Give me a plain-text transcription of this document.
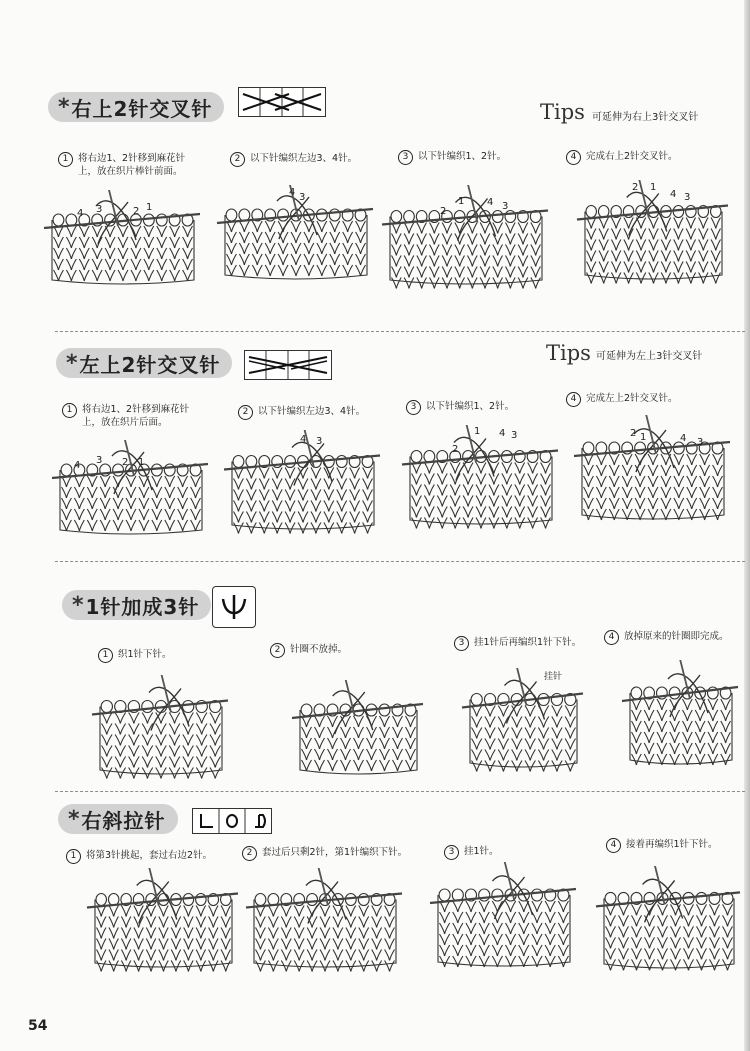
* 右上2针交叉针	Tips 可延伸为右上3针交叉针
1	将右边1、2针移到麻花针
上，放在织片棒针前面。
2	以下针编织左边3、4针。	3	以下针编织1、2针。	4	完成右上2针交叉针。
4 3	2 1
4 3
2
1 4 3
2 1
4 3
* 左上2针交叉针	Tips 可延伸为左上3针交叉针
1	将右边1、2针移到麻花针
上，放在织片后面。
2	以下针编织左边3、4针。	3	以下针编织1、2针。
4	完成左上2针交叉针。
4 3 2 1
4 3
2
1 4 3	2 1	4 3
* 1针加成3针
1	织1针下针。	2	针圈不放掉。
3	挂1针后再编织1针下针。	4	放掉原来的针圈即完成。
挂针
* 右斜拉针
1	将第3针挑起，套过右边2针。	2	套过后只剩2针，第1针编织下针。	3	挂1针。
4	接着再编织1针下针。
54
